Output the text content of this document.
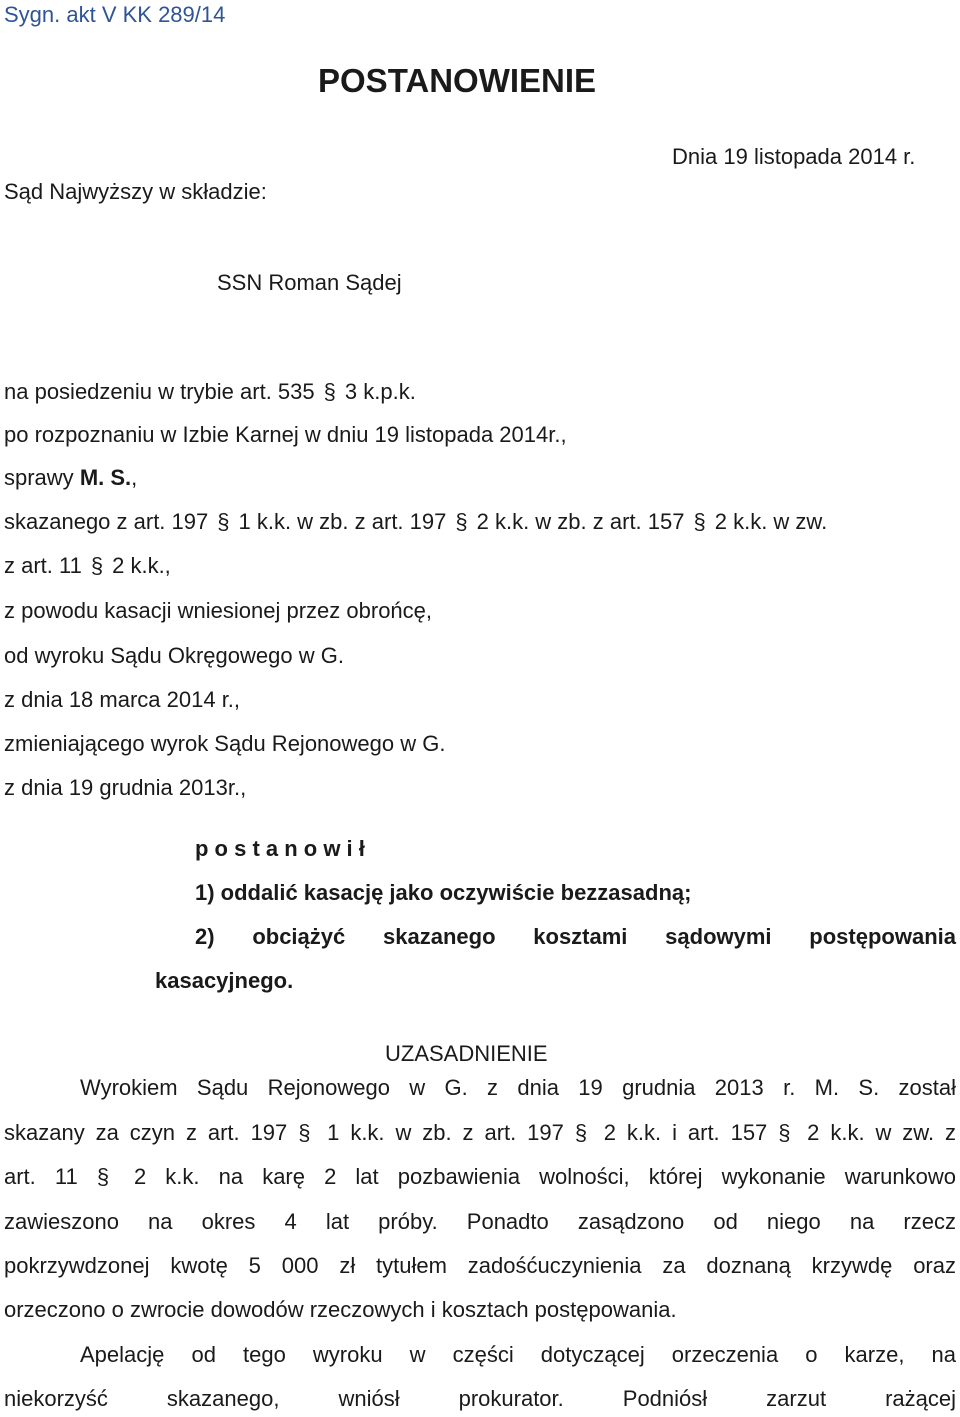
Sygn. akt V KK 289/14
POSTANOWIENIE
Dnia 19 listopada 2014 r.
Sąd Najwyższy w składzie:
SSN Roman Sądej
na posiedzeniu w trybie art. 535 § 3 k.p.k.
po rozpoznaniu w Izbie Karnej w dniu 19 listopada 2014r.,
sprawy M. S.,
skazanego z art. 197 § 1 k.k. w zb. z art. 197 § 2 k.k. w zb. z art. 157 § 2 k.k. w zw.
z art. 11 § 2 k.k.,
z powodu kasacji wniesionej przez obrońcę,
od wyroku Sądu Okręgowego w G.
z dnia 18 marca 2014 r.,
zmieniającego wyrok Sądu Rejonowego w G.
z dnia 19 grudnia 2013r.,
p o s t a n o w i ł
1) oddalić kasację jako oczywiście bezzasadną;
2) obciążyć skazanego kosztami sądowymi postępowania
kasacyjnego.
UZASADNIENIE
Wyrokiem Sądu Rejonowego w G. z dnia 19 grudnia 2013 r. M. S. został
skazany za czyn z art. 197 § 1 k.k. w zb. z art. 197 § 2 k.k. i art. 157 § 2 k.k. w zw. z
art. 11 § 2 k.k. na karę 2 lat pozbawienia wolności, której wykonanie warunkowo
zawieszono na okres 4 lat próby. Ponadto zasądzono od niego na rzecz
pokrzywdzonej kwotę 5 000 zł tytułem zadośćuczynienia za doznaną krzywdę oraz
orzeczono o zwrocie dowodów rzeczowych i kosztach postępowania.
Apelację od tego wyroku w części dotyczącej orzeczenia o karze, na
niekorzyść skazanego, wniósł prokurator. Podniósł zarzut rażącej
